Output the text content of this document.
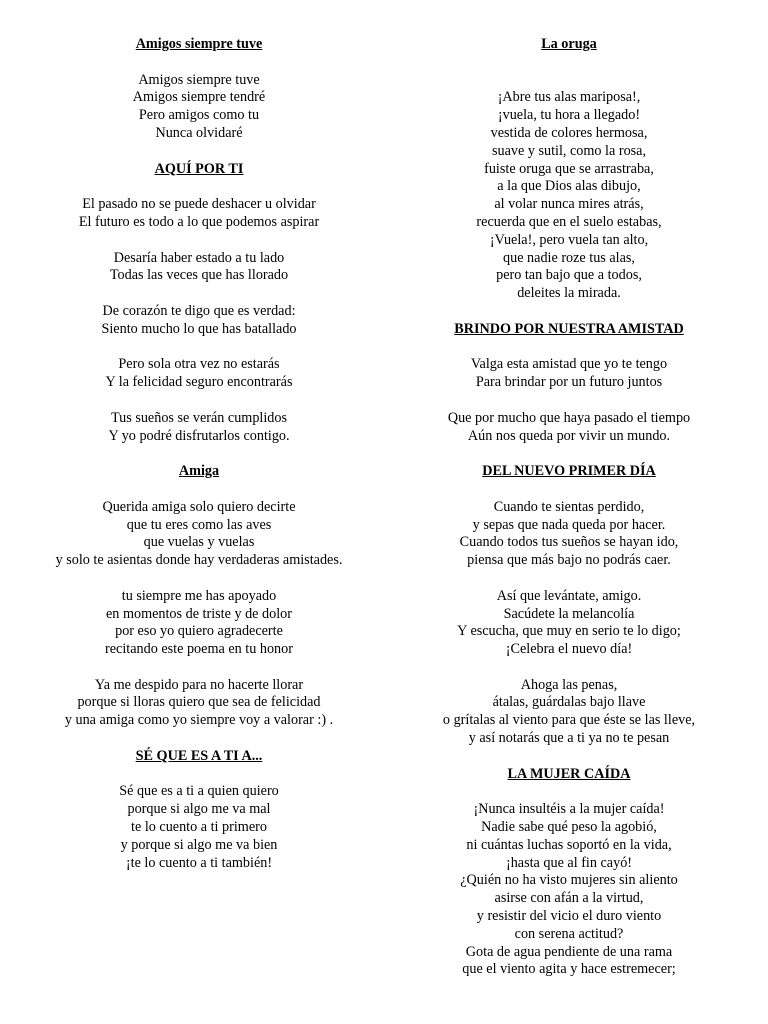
Amigos siempre tuve
Amigos siempre tuve
Amigos siempre tendré
Pero amigos como tu
Nunca olvidaré
AQUÍ POR TI
El pasado no se puede deshacer u olvidar
El futuro es todo a lo que podemos aspirar
Desaría haber estado a tu lado
Todas las veces que has llorado
De corazón te digo que es verdad:
Siento mucho lo que has batallado
Pero sola otra vez no estarás
Y la felicidad seguro encontrarás
Tus sueños se verán cumplidos
Y yo podré disfrutarlos contigo.
Amiga
Querida amiga solo quiero decirte
que tu eres como las aves
que vuelas y vuelas
y solo te asientas donde hay verdaderas amistades.
tu siempre me has apoyado
en momentos de triste y de dolor
por eso yo quiero agradecerte
recitando este poema en tu honor
Ya me despido para no hacerte llorar
porque si lloras quiero que sea de felicidad
y una amiga como yo siempre voy a valorar :) .
SÉ QUE ES A TI A...
Sé que es a ti a quien quiero
porque si algo me va mal
te lo cuento a ti primero
y porque si algo me va bien
¡te lo cuento a ti también!
La oruga
¡Abre tus alas mariposa!,
¡vuela, tu hora a llegado!
vestida de colores hermosa,
suave y sutil, como la rosa,
fuiste oruga que se arrastraba,
a la que Dios alas dibujo,
al volar nunca mires atrás,
recuerda que en el suelo estabas,
¡Vuela!, pero vuela tan alto,
que nadie roze tus alas,
pero tan bajo que a todos,
deleites la mirada.
BRINDO POR NUESTRA AMISTAD
Valga esta amistad que yo te tengo
Para brindar por un futuro juntos
Que por mucho que haya pasado el tiempo
Aún nos queda por vivir un mundo.
DEL NUEVO PRIMER DÍA
Cuando te sientas perdido,
y sepas que nada queda por hacer.
Cuando todos tus sueños se hayan ido,
piensa que más bajo no podrás caer.
Así que levántate, amigo.
Sacúdete la melancolía
Y escucha, que muy en serio te lo digo;
¡Celebra el nuevo día!
Ahoga las penas,
átalas, guárdalas bajo llave
o grítalas al viento para que éste se las lleve,
y así notarás que a ti ya no te pesan
LA MUJER CAÍDA
¡Nunca insultéis a la mujer caída!
Nadie sabe qué peso la agobió,
ni cuántas luchas soportó en la vida,
¡hasta que al fin cayó!
¿Quién no ha visto mujeres sin aliento
asirse con afán a la virtud,
y resistir del vicio el duro viento
con serena actitud?
Gota de agua pendiente de una rama
que el viento agita y hace estremecer;
